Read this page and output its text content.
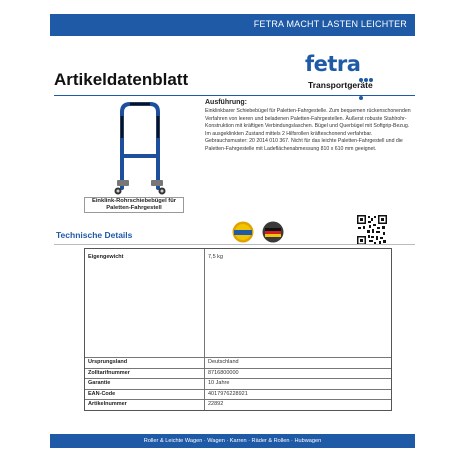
FETRA MACHT LASTEN LEICHTER
Artikeldatenblatt
fetra
Transportgeräte
Einklink-Rohrschiebebügel für Paletten-Fahrgestell
Ausführung:
Einklinkbarer Schiebebügel für Paletten-Fahrgestelle. Zum bequemen rückenschonenden Verfahren von leeren und beladenen Paletten-Fahrgestellen. Äußerst robuste Stahlrohr-Konstruktion mit kräftigen Verbindungslaschen. Bügel und Querbügel mit Softgrip-Bezug. Im ausgeklinkten Zustand mittels 2 Hilfsrollen kräfteschonend verfahrbar. Gebrauchsmuster: 20 2014 010 367. Nicht für das leichte Paletten-Fahrgestell und die Paletten-Fahrgestelle mit Ladeflächenabmessung 810 x 610 mm geeignet.
Technische Details
Eigengewicht	7,5 kg
Ursprungsland	Deutschland
Zolltarifnummer	8716800000
Garantie	10 Jahre
EAN-Code	4017976228921
Artikelnummer	22892
Roller & Leichte Wagen · Wagen · Karren · Räder & Rollen · Hubwagen
